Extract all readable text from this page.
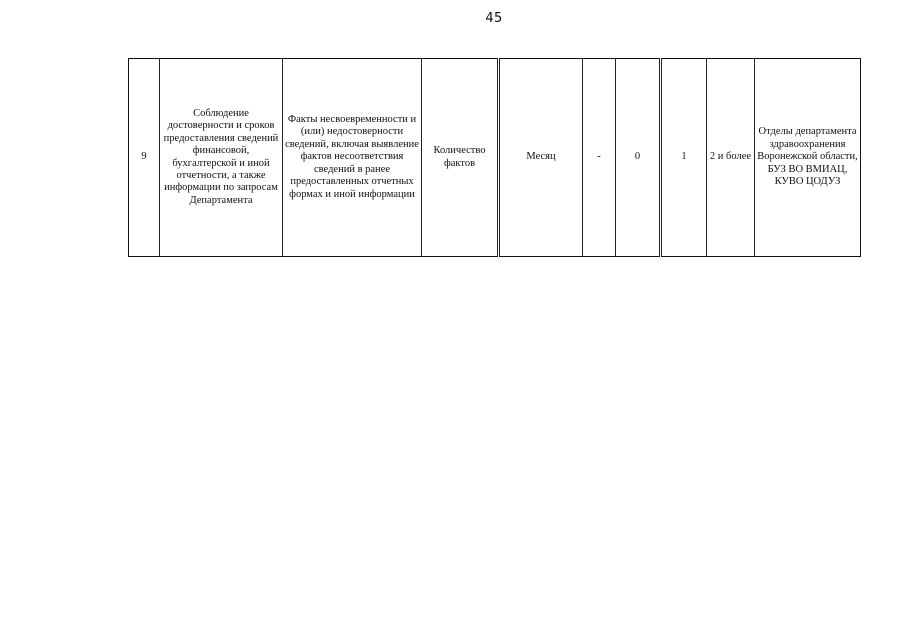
45
9	Соблюдение достоверности и сроков предоставления сведений финансовой, бухгалтерской и иной отчетности, а также информации по запросам Департамента	Факты несвоевременности и (или) недостоверности сведений, включая выявление фактов несоответствия сведений в ранее предоставленных отчетных формах и иной информации	Количество фактов	Месяц	-	0	1	2 и более	Отделы департамента здравоохранения Воронежской области, БУЗ ВО ВМИАЦ, КУВО ЦОДУЗ
